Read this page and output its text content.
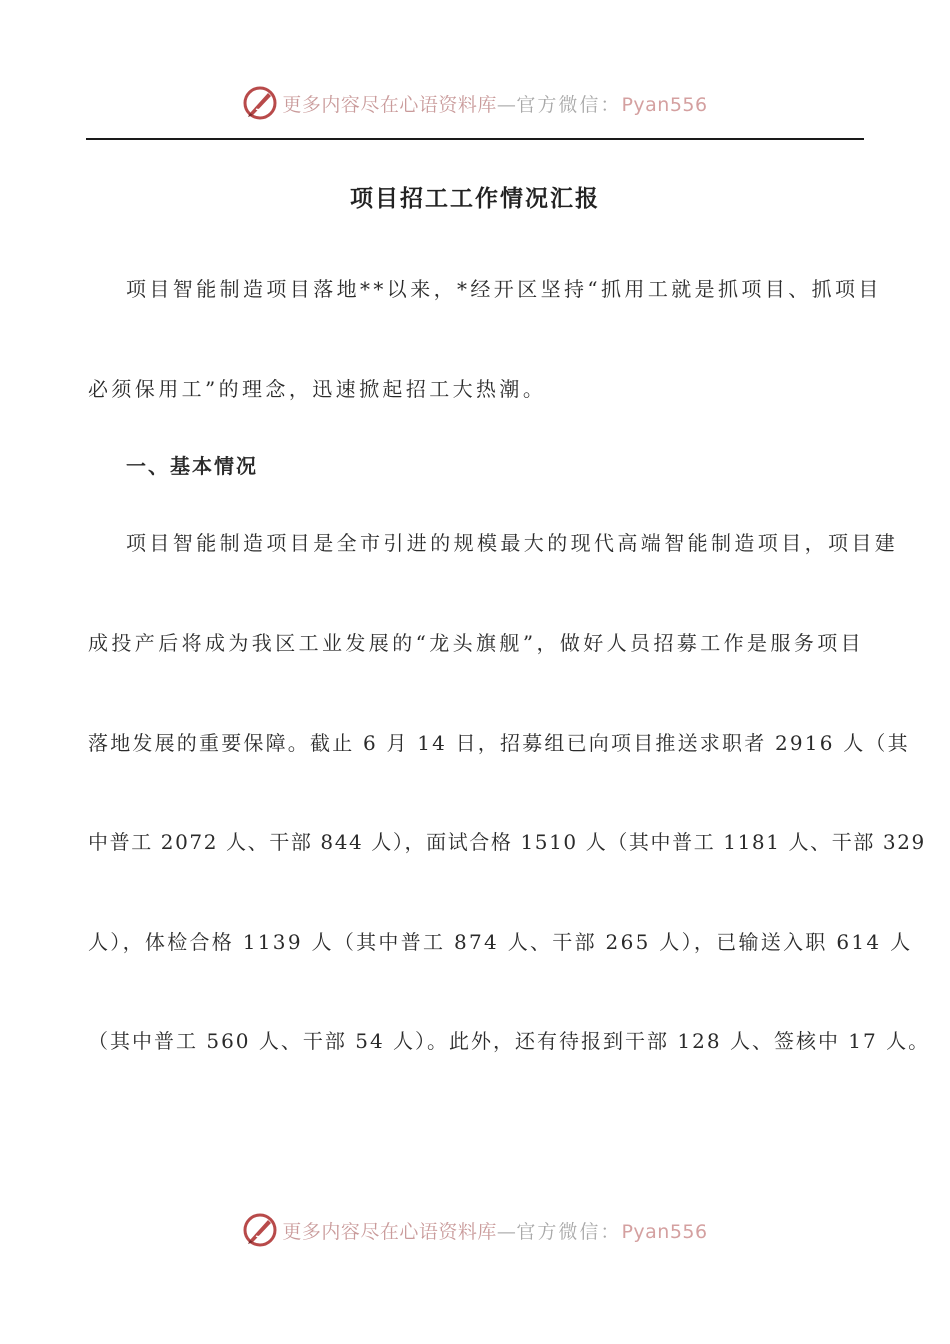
更多内容尽在心语资料库—官方微信：Pyan556
项目招工工作情况汇报
项目智能制造项目落地**以来，*经开区坚持“抓用工就是抓项目、抓项目
必须保用工”的理念，迅速掀起招工大热潮。
一、基本情况
项目智能制造项目是全市引进的规模最大的现代高端智能制造项目，项目建
成投产后将成为我区工业发展的“龙头旗舰”，做好人员招募工作是服务项目
落地发展的重要保障。截止 6 月 14 日，招募组已向项目推送求职者 2916 人（其
中普工 2072 人、干部 844 人），面试合格 1510 人（其中普工 1181 人、干部 329
人），体检合格 1139 人（其中普工 874 人、干部 265 人），已输送入职 614 人
（其中普工 560 人、干部 54 人）。此外，还有待报到干部 128 人、签核中 17 人。
更多内容尽在心语资料库—官方微信：Pyan556
